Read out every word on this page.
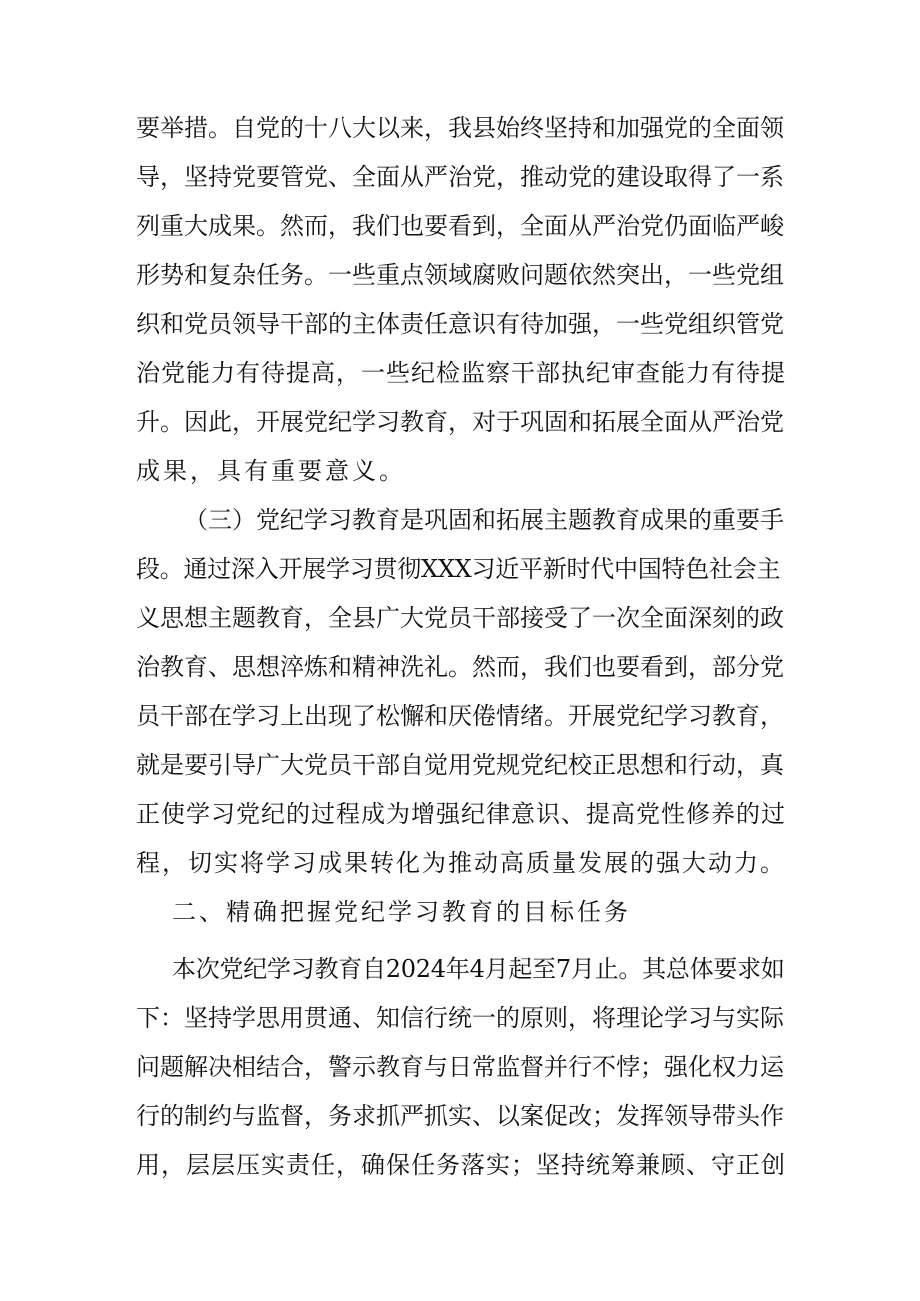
要举措。自党的十八大以来，我县始终坚持和加强党的全面领
导，坚持党要管党、全面从严治党，推动党的建设取得了一系
列重大成果。然而，我们也要看到，全面从严治党仍面临严峻
形势和复杂任务。一些重点领域腐败问题依然突出，一些党组
织和党员领导干部的主体责任意识有待加强，一些党组织管党
治党能力有待提高，一些纪检监察干部执纪审查能力有待提
升。因此，开展党纪学习教育，对于巩固和拓展全面从严治党
成果，具有重要意义。
（三）党纪学习教育是巩固和拓展主题教育成果的重要手
段。通过深入开展学习贯彻XXX习近平新时代中国特色社会主
义思想主题教育，全县广大党员干部接受了一次全面深刻的政
治教育、思想淬炼和精神洗礼。然而，我们也要看到，部分党
员干部在学习上出现了松懈和厌倦情绪。开展党纪学习教育，
就是要引导广大党员干部自觉用党规党纪校正思想和行动，真
正使学习党纪的过程成为增强纪律意识、提高党性修养的过
程，切实将学习成果转化为推动高质量发展的强大动力。
二、精确把握党纪学习教育的目标任务
本次党纪学习教育自2024年4月起至7月止。其总体要求如
下：坚持学思用贯通、知信行统一的原则，将理论学习与实际
问题解决相结合，警示教育与日常监督并行不悖；强化权力运
行的制约与监督，务求抓严抓实、以案促改；发挥领导带头作
用，层层压实责任，确保任务落实；坚持统筹兼顾、守正创
